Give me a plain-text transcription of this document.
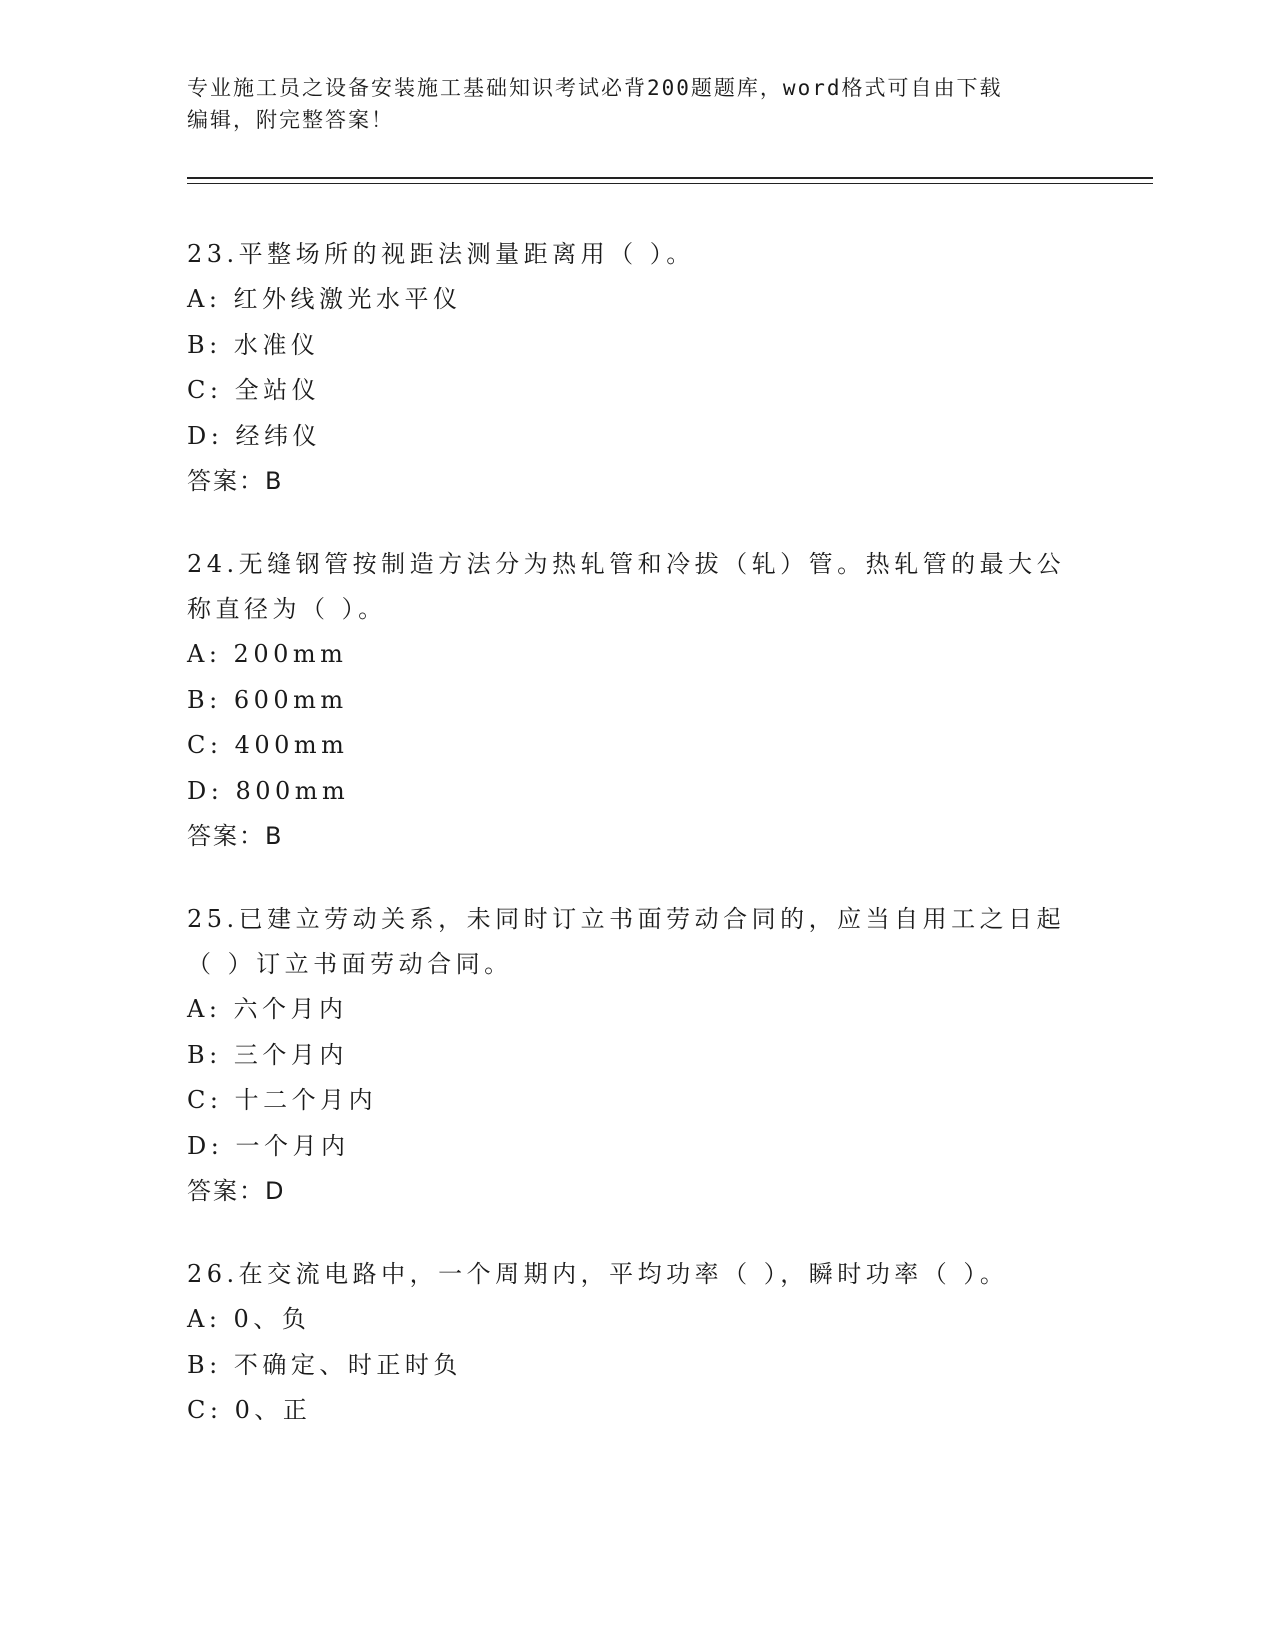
专业施工员之设备安装施工基础知识考试必背200题题库，word格式可自由下载
编辑，附完整答案！
23.平整场所的视距法测量距离用（ ）。
A: 红外线激光水平仪
B: 水准仪
C: 全站仪
D: 经纬仪
答案：B
24.无缝钢管按制造方法分为热轧管和冷拔（轧）管。热轧管的最大公
称直径为（ ）。
A: 200mm
B: 600mm
C: 400mm
D: 800mm
答案：B
25.已建立劳动关系，未同时订立书面劳动合同的，应当自用工之日起
（ ）订立书面劳动合同。
A: 六个月内
B: 三个月内
C: 十二个月内
D: 一个月内
答案：D
26.在交流电路中，一个周期内，平均功率（ ），瞬时功率（ ）。
A: 0、负
B: 不确定、时正时负
C: 0、正
